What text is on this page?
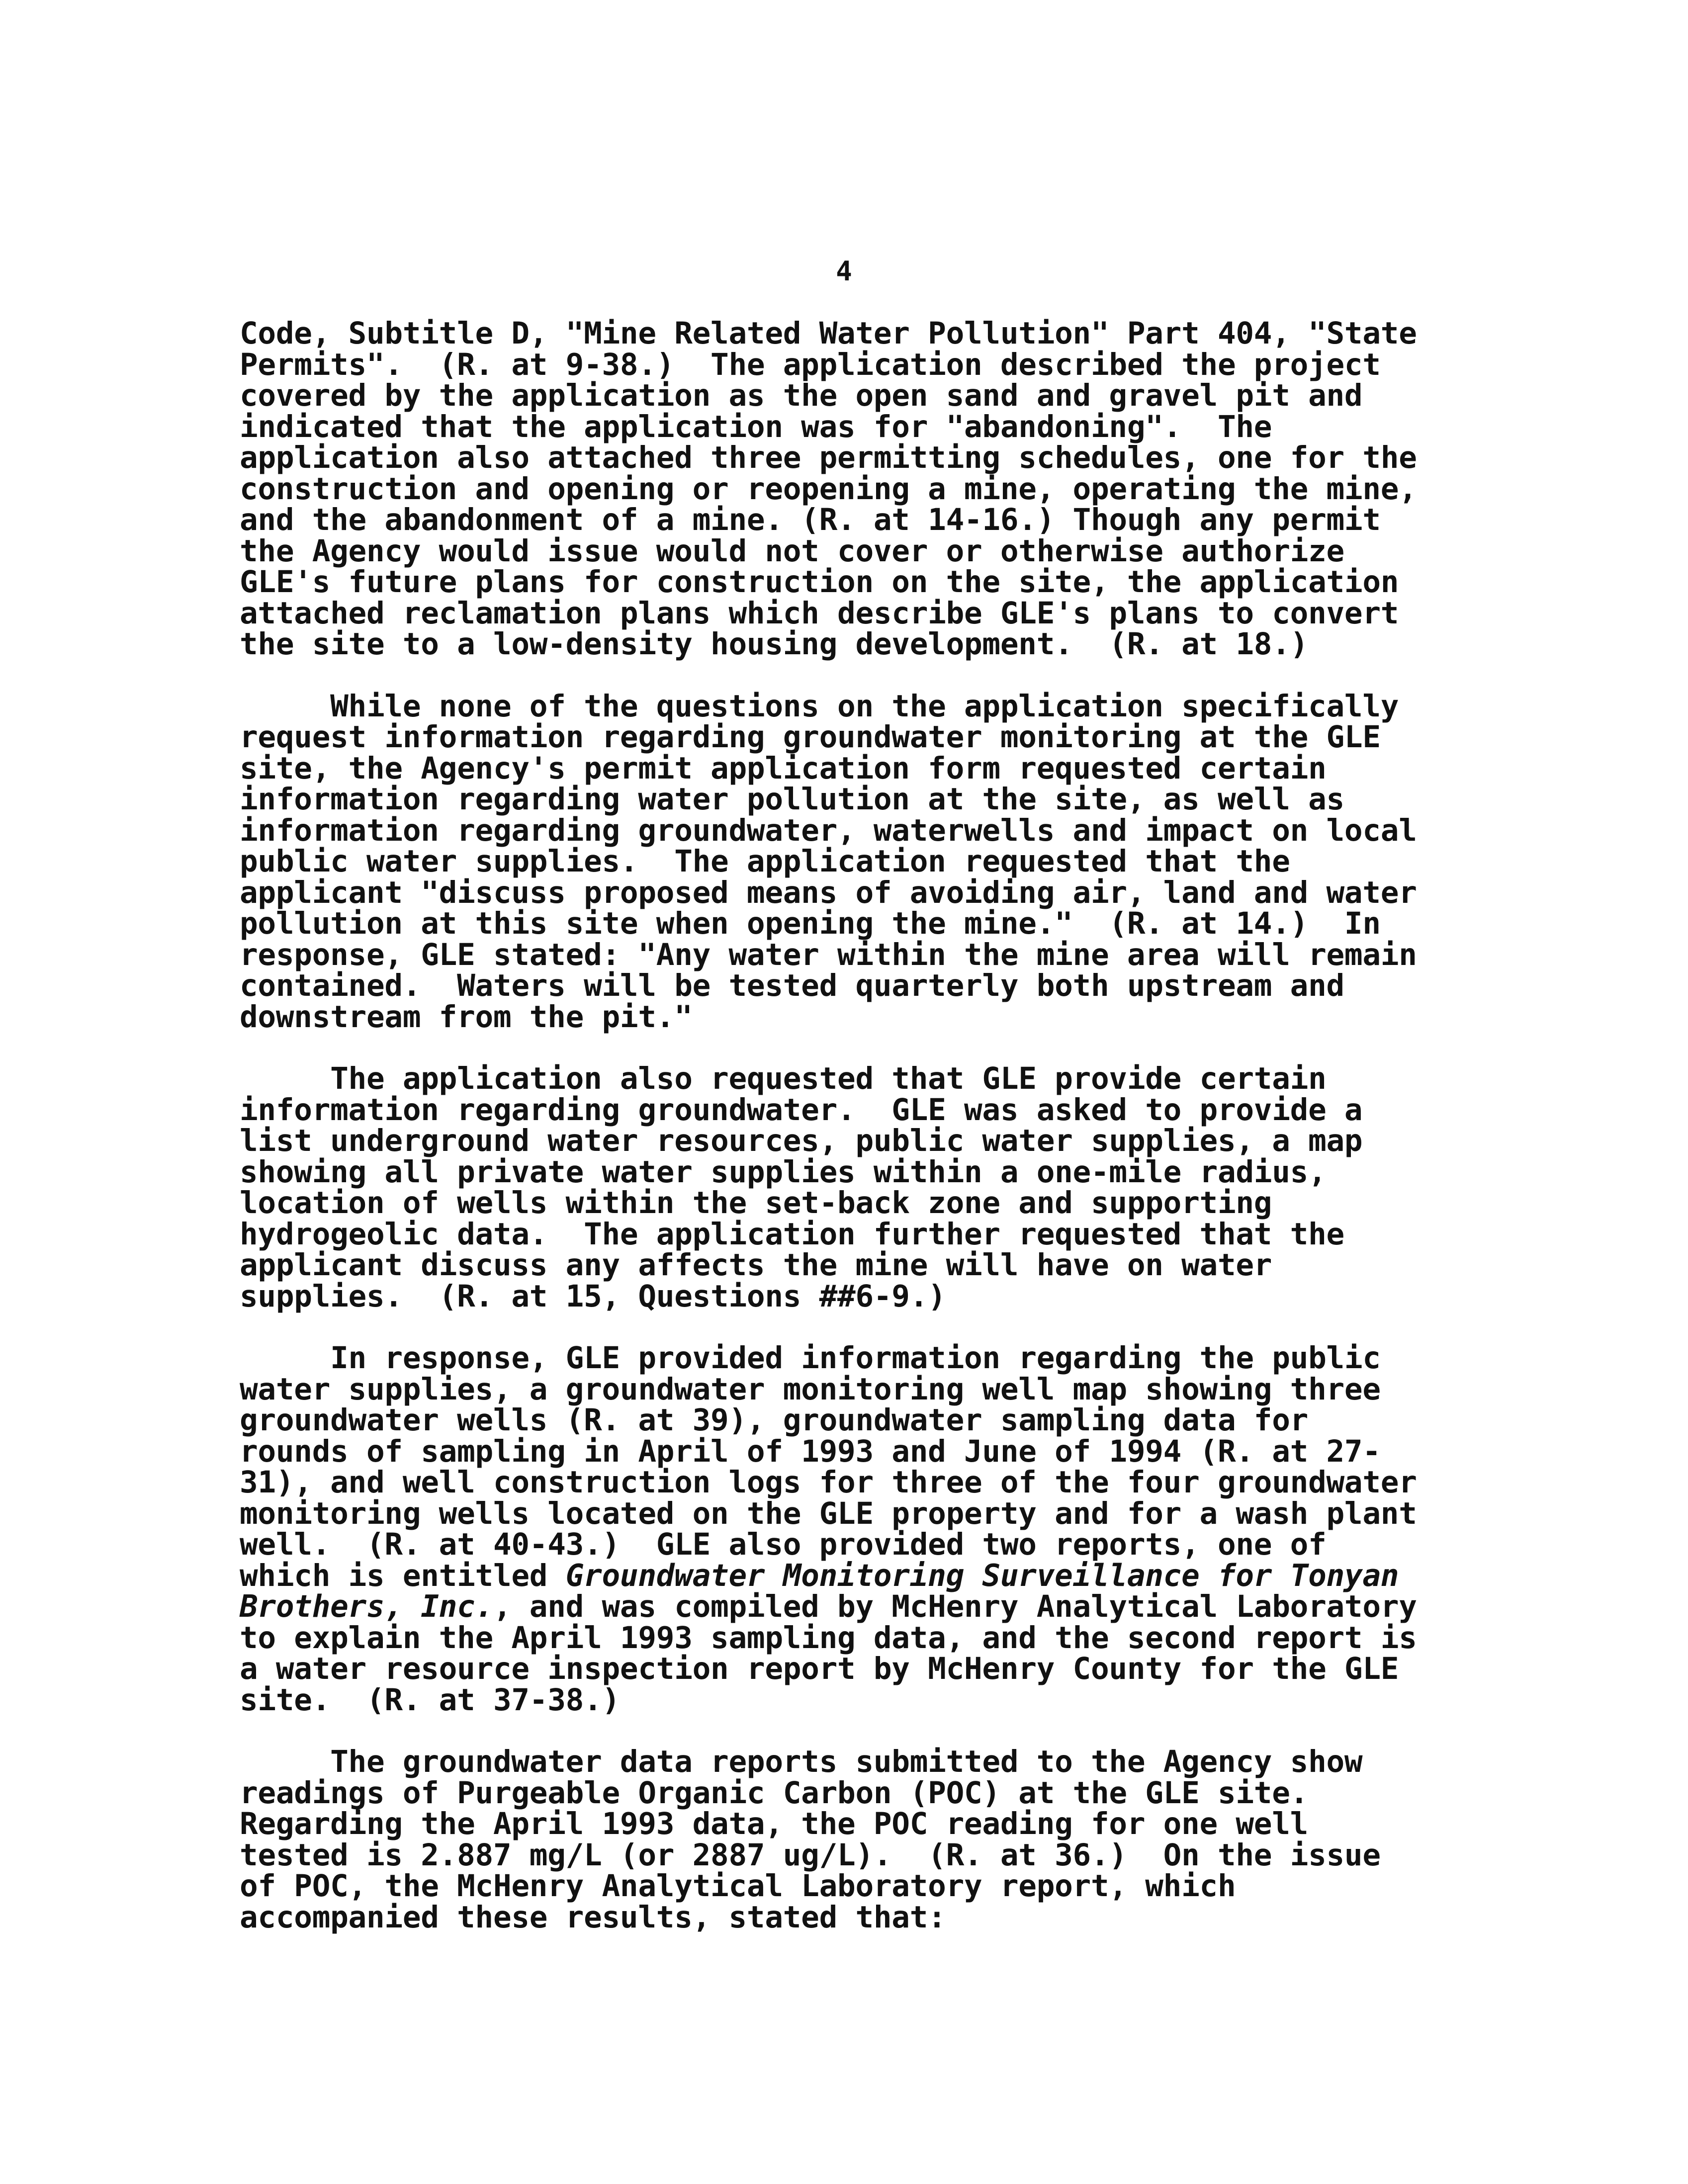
4
Code, Subtitle D, "Mine Related Water Pollution" Part 404, "State
Permits".  (R. at 9-38.)  The application described the project
covered by the application as the open sand and gravel pit and
indicated that the application was for "abandoning".  The
application also attached three permitting schedules, one for the
construction and opening or reopening a mine, operating the mine,
and the abandonment of a mine. (R. at 14-16.) Though any permit
the Agency would issue would not cover or otherwise authorize
GLE's future plans for construction on the site, the application
attached reclamation plans which describe GLE's plans to convert
the site to a low-density housing development.  (R. at 18.)
While none of the questions on the application specifically
request information regarding groundwater monitoring at the GLE
site, the Agency's permit application form requested certain
information regarding water pollution at the site, as well as
information regarding groundwater, waterwells and impact on local
public water supplies.  The application requested that the
applicant "discuss proposed means of avoiding air, land and water
pollution at this site when opening the mine."  (R. at 14.)  In
response, GLE stated: "Any water within the mine area will remain
contained.  Waters will be tested quarterly both upstream and
downstream from the pit."
The application also requested that GLE provide certain
information regarding groundwater.  GLE was asked to provide a
list underground water resources, public water supplies, a map
showing all private water supplies within a one-mile radius,
location of wells within the set-back zone and supporting
hydrogeolic data.  The application further requested that the
applicant discuss any affects the mine will have on water
supplies.  (R. at 15, Questions ##6-9.)
In response, GLE provided information regarding the public
water supplies, a groundwater monitoring well map showing three
groundwater wells (R. at 39), groundwater sampling data for
rounds of sampling in April of 1993 and June of 1994 (R. at 27-
31), and well construction logs for three of the four groundwater
monitoring wells located on the GLE property and for a wash plant
well.  (R. at 40-43.)  GLE also provided two reports, one of
which is entitled Groundwater Monitoring Surveillance for Tonyan
Brothers, Inc., and was compiled by McHenry Analytical Laboratory
to explain the April 1993 sampling data, and the second report is
a water resource inspection report by McHenry County for the GLE
site.  (R. at 37-38.)
The groundwater data reports submitted to the Agency show
readings of Purgeable Organic Carbon (POC) at the GLE site.
Regarding the April 1993 data, the POC reading for one well
tested is 2.887 mg/L (or 2887 ug/L).  (R. at 36.)  On the issue
of POC, the McHenry Analytical Laboratory report, which
accompanied these results, stated that:
